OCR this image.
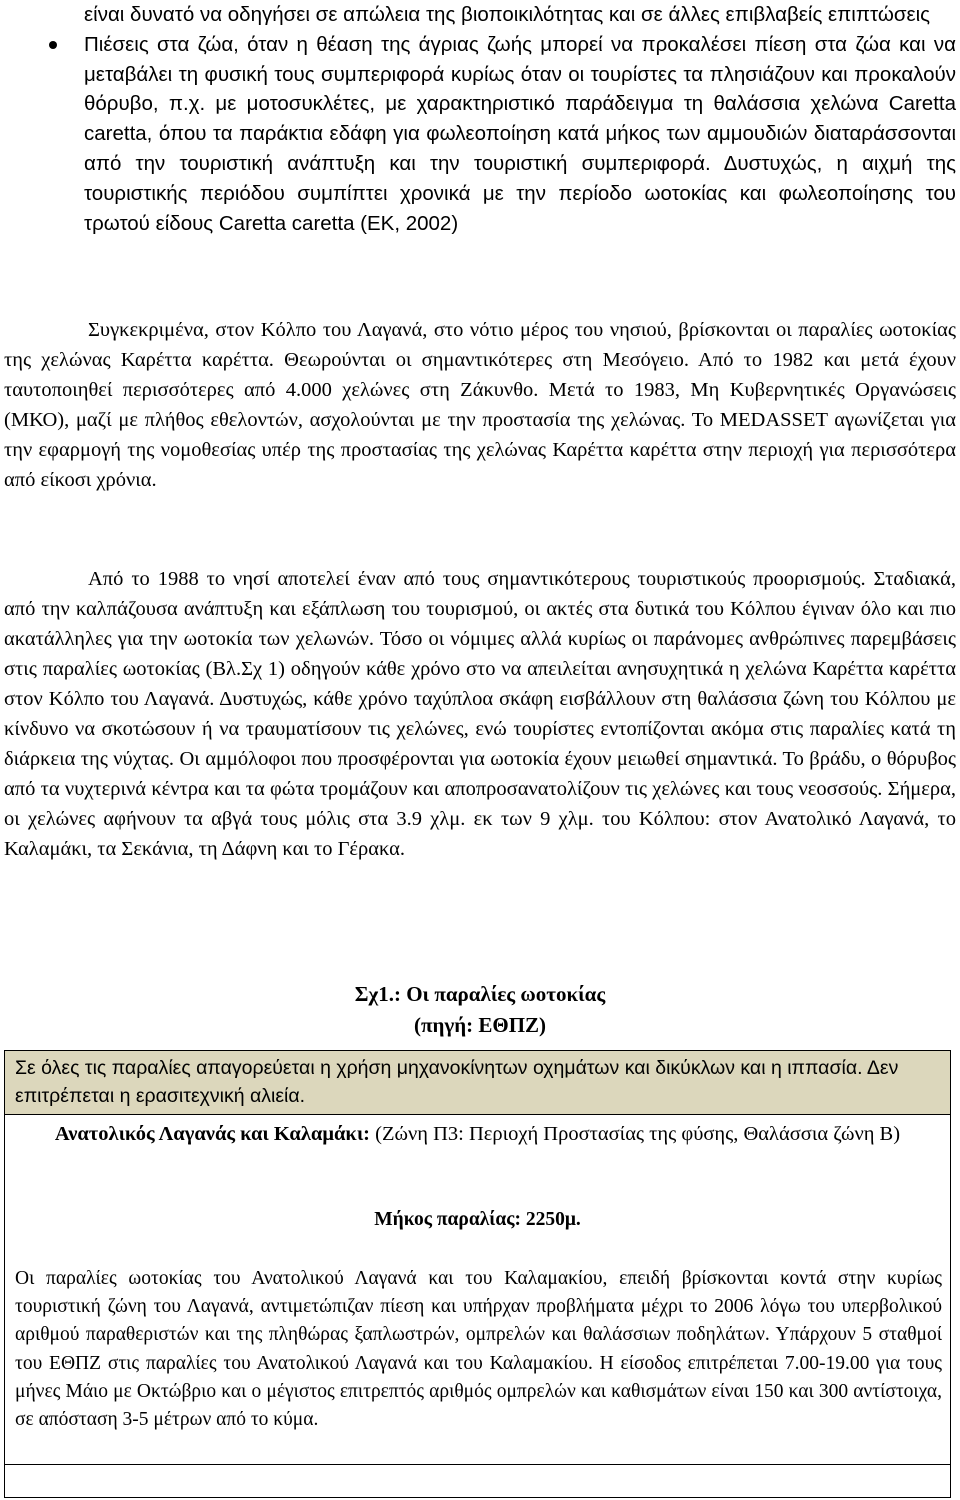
είναι δυνατό να οδηγήσει σε απώλεια της βιοποικιλότητας και σε άλλες επιβλαβείς επιπτώσεις

Πιέσεις στα ζώα, όταν η θέαση της άγριας ζωής μπορεί να προκαλέσει πίεση στα ζώα και να μεταβάλει τη φυσική τους συμπεριφορά κυρίως όταν οι τουρίστες τα πλησιάζουν και προκαλούν θόρυβο, π.χ. με μοτοσυκλέτες, με χαρακτηριστικό παράδειγμα τη θαλάσσια χελώνα Caretta caretta, όπου τα παράκτια εδάφη για φωλεοποίηση κατά μήκος των αμμουδιών διαταράσσονται από την τουριστική ανάπτυξη και την τουριστική συμπεριφορά. Δυστυχώς, η αιχμή της τουριστικής περιόδου συμπίπτει χρονικά με την περίοδο ωοτοκίας και φωλεοποίησης του τρωτού είδους Caretta caretta (ΕΚ, 2002)

Συγκεκριμένα, στον Κόλπο του Λαγανά, στο νότιο μέρος του νησιού, βρίσκονται οι παραλίες ωοτοκίας της χελώνας Καρέττα καρέττα. Θεωρούνται οι σημαντικότερες στη Μεσόγειο. Από το 1982 και μετά έχουν ταυτοποιηθεί περισσότερες από 4.000 χελώνες στη Ζάκυνθο. Μετά το 1983, Μη Κυβερνητικές Οργανώσεις (ΜΚΟ), μαζί με πλήθος εθελοντών, ασχολούνται με την προστασία της χελώνας. Το MEDASSET αγωνίζεται για την εφαρμογή της νομοθεσίας υπέρ της προστασίας της χελώνας Καρέττα καρέττα στην περιοχή για περισσότερα από είκοσι χρόνια.

Από το 1988 το νησί αποτελεί έναν από τους σημαντικότερους τουριστικούς προορισμούς. Σταδιακά, από την καλπάζουσα ανάπτυξη και εξάπλωση του τουρισμού, οι ακτές στα δυτικά του Κόλπου έγιναν όλο και πιο ακατάλληλες για την ωοτοκία των χελωνών. Τόσο οι νόμιμες αλλά κυρίως οι παράνομες ανθρώπινες παρεμβάσεις στις παραλίες ωοτοκίας (Βλ.Σχ 1) οδηγούν κάθε χρόνο στο να απειλείται ανησυχητικά η χελώνα Καρέττα καρέττα στον Κόλπο του Λαγανά. Δυστυχώς, κάθε χρόνο ταχύπλοα σκάφη εισβάλλουν στη θαλάσσια ζώνη του Κόλπου με κίνδυνο να σκοτώσουν ή να τραυματίσουν τις χελώνες, ενώ τουρίστες εντοπίζονται ακόμα στις παραλίες κατά τη διάρκεια της νύχτας. Οι αμμόλοφοι που προσφέρονται για ωοτοκία έχουν μειωθεί σημαντικά. Το βράδυ, ο θόρυβος από τα νυχτερινά κέντρα και τα φώτα τρομάζουν και αποπροσανατολίζουν τις χελώνες και τους νεοσσούς. Σήμερα, οι χελώνες αφήνουν τα αβγά τους μόλις στα 3.9 χλμ. εκ των 9 χλμ. του Κόλπου: στον Ανατολικό Λαγανά, το Καλαμάκι, τα Σεκάνια, τη Δάφνη και το Γέρακα.

Σχ1.: Οι παραλίες ωοτοκίας
(πηγή: ΕΘΠΖ)
Σε όλες τις παραλίες απαγορεύεται η χρήση μηχανοκίνητων οχημάτων και δικύκλων και η ιππασία. Δεν επιτρέπεται η ερασιτεχνική αλιεία.
Ανατολικός Λαγανάς και Καλαμάκι: (Ζώνη Π3: Περιοχή Προστασίας της φύσης, Θαλάσσια ζώνη Β)
Μήκος παραλίας: 2250μ.

Οι παραλίες ωοτοκίας του Ανατολικού Λαγανά και του Καλαμακίου, επειδή βρίσκονται κοντά στην κυρίως τουριστική ζώνη του Λαγανά, αντιμετώπιζαν πίεση και υπήρχαν προβλήματα μέχρι το 2006 λόγω του υπερβολικού αριθμού παραθεριστών και της πληθώρας ξαπλωστρών, ομπρελών και θαλάσσιων ποδηλάτων. Υπάρχουν 5 σταθμοί του ΕΘΠΖ στις παραλίες του Ανατολικού Λαγανά και του Καλαμακίου. Η είσοδος επιτρέπεται 7.00-19.00 για τους μήνες Μάιο με Οκτώβριο και ο μέγιστος επιτρεπτός αριθμός ομπρελών και καθισμάτων είναι 150 και 300 αντίστοιχα, σε απόσταση 3-5 μέτρων από το κύμα.
